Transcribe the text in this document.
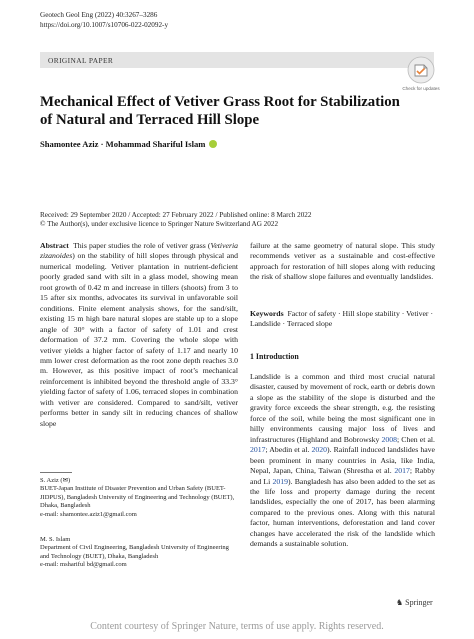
Geotech Geol Eng (2022) 40:3267–3286
https://doi.org/10.1007/s10706-022-02092-y
ORIGINAL PAPER
Check for updates
Mechanical Effect of Vetiver Grass Root for Stabilization of Natural and Terraced Hill Slope
Shamontee Aziz · Mohammad Shariful Islam
Received: 29 September 2020 / Accepted: 27 February 2022 / Published online: 8 March 2022
© The Author(s), under exclusive licence to Springer Nature Switzerland AG 2022
Abstract This paper studies the role of vetiver grass (Vetiveria zizanoides) on the stability of hill slopes through physical and numerical modeling. Vetiver plantation in nutrient-deficient poorly graded sand with silt in a glass model, showing mean root growth of 0.42 m and increase in tillers (shoots) from 3 to 15 after six months, advocates its survival in unfavorable soil conditions. Finite element analysis shows, for the sand/silt, existing 15 m high bare natural slopes are stable up to a slope angle of 30° with a factor of safety of 1.01 and crest deformation of 37.2 mm. Covering the whole slope with vetiver yields a higher factor of safety of 1.17 and nearly 10 mm lower crest deformation as the root zone depth reaches 3.0 m. However, as this positive impact of root’s mechanical reinforcement is inhibited beyond the threshold angle of 33.3° yielding factor of safety of 1.06, terraced slopes in combination with vetiver are considered. Compared to sand/silt, vetiver performs better in sandy silt in reducing chances of shallow slope
failure at the same geometry of natural slope. This study recommends vetiver as a sustainable and cost-effective approach for restoration of hill slopes along with reducing the risk of shallow slope failures and eventually landslides.
Keywords Factor of safety · Hill slope stability · Vetiver · Landslide · Terraced slope
1 Introduction
Landslide is a common and third most crucial natural disaster, caused by movement of rock, earth or debris down a slope as the stability of the slope is disturbed and the gravity force exceeds the shear strength, e.g. the resisting force of the soil, while being the most significant one in hilly environments causing major loss of lives and infrastructures (Highland and Bobrowsky 2008; Chen et al. 2017; Abedin et al. 2020). Rainfall induced landslides have been prominent in many countries in Asia, like India, Nepal, Japan, China, Taiwan (Shrestha et al. 2017; Rabby and Li 2019). Bangladesh has also been added to the set as the life loss and property damage during the recent landslides, especially the one of 2017, has been alarming compared to the previous ones. Along with this natural factor, human interventions, deforestation and land cover changes have accelerated the risk of the landslide which demands a sustainable solution.
S. Aziz (✉)
BUET-Japan Institute of Disaster Prevention and Urban Safety (BUET-JIDPUS), Bangladesh University of Engineering and Technology (BUET), Dhaka, Bangladesh
e-mail: shamontee.aziz1@gmail.com
M. S. Islam
Department of Civil Engineering, Bangladesh University of Engineering and Technology (BUET), Dhaka, Bangladesh
e-mail: mshariful bd@gmail.com
♞ Springer
Content courtesy of Springer Nature, terms of use apply. Rights reserved.
